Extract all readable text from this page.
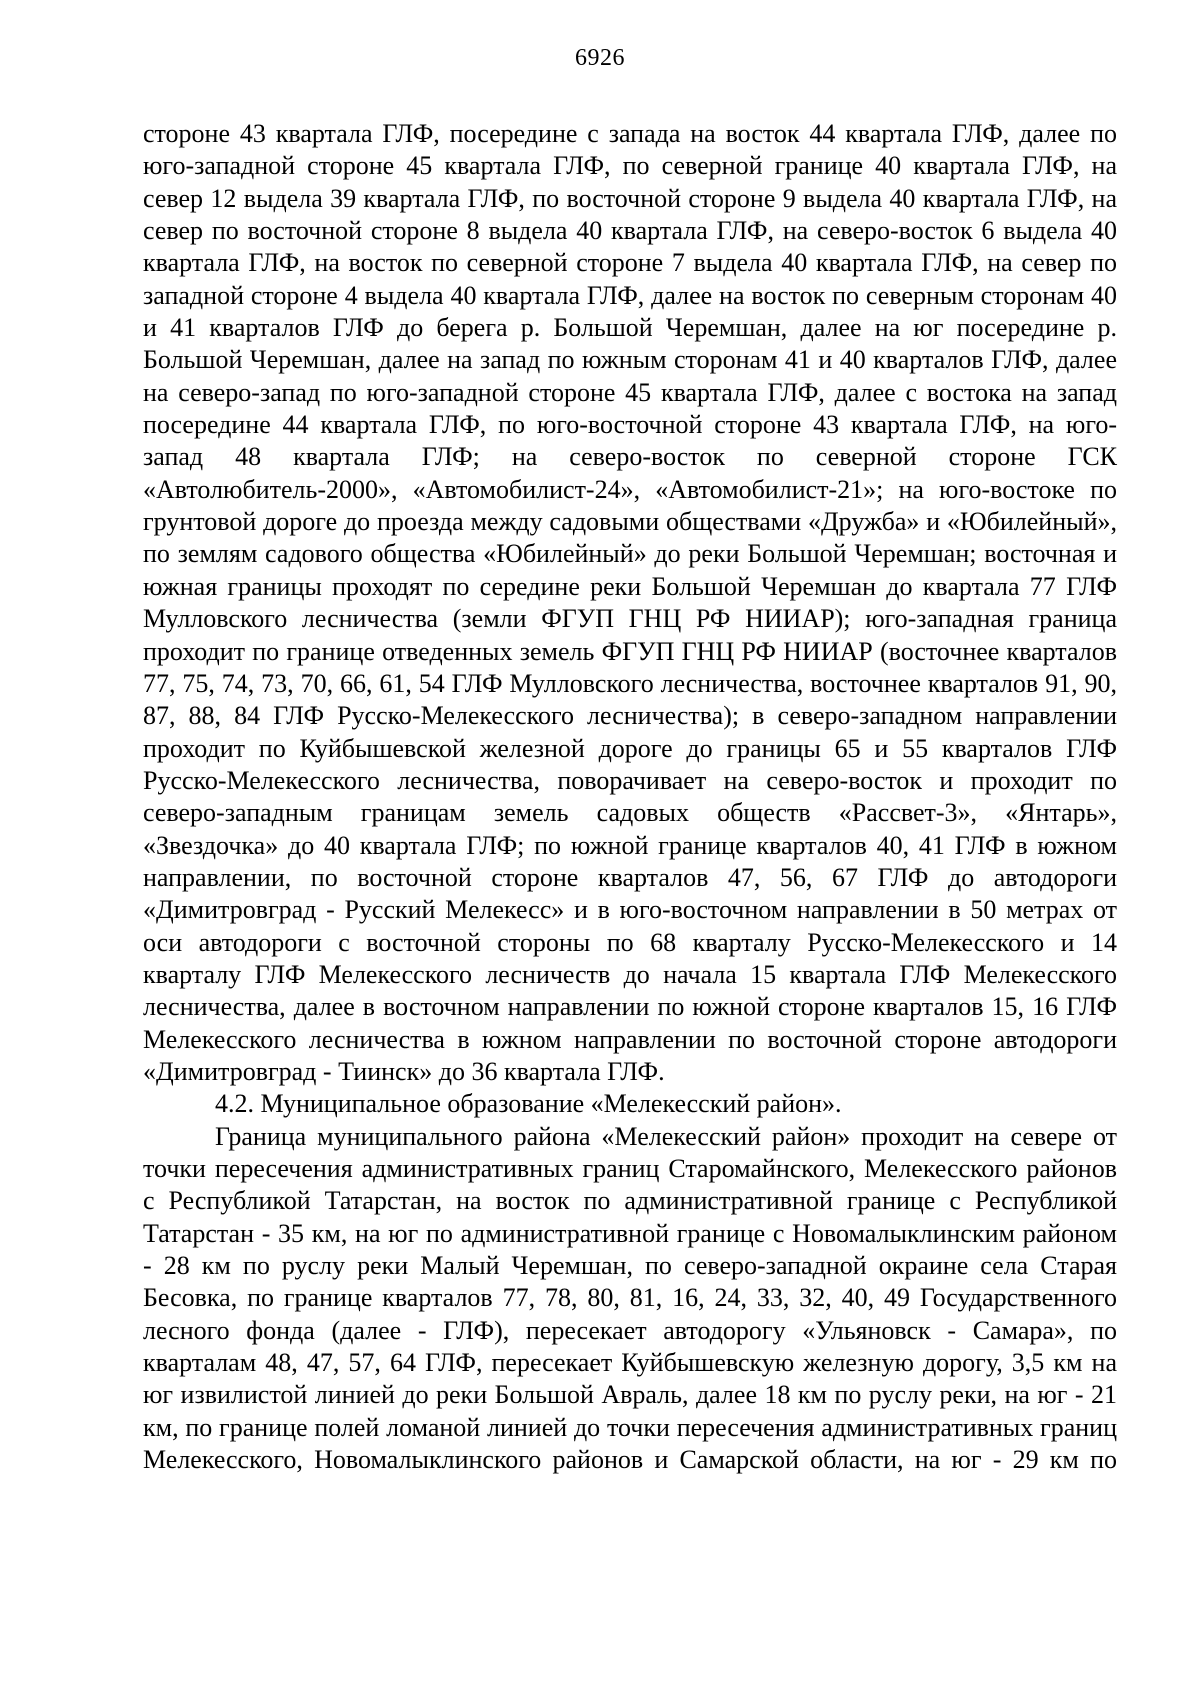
6926

стороне 43 квартала ГЛФ, посередине с запада на восток 44 квартала ГЛФ, далее по юго-западной стороне 45 квартала ГЛФ, по северной границе 40 квартала ГЛФ, на север 12 выдела 39 квартала ГЛФ, по восточной стороне 9 выдела 40 квартала ГЛФ, на север по восточной стороне 8 выдела 40 квартала ГЛФ, на северо-восток 6 выдела 40 квартала ГЛФ, на восток по северной стороне 7 выдела 40 квартала ГЛФ, на север по западной стороне 4 выдела 40 квартала ГЛФ, далее на восток по северным сторонам 40 и 41 кварталов ГЛФ до берега р. Большой Черемшан, далее на юг посередине р. Большой Черемшан, далее на запад по южным сторонам 41 и 40 кварталов ГЛФ, далее на северо-запад по юго-западной стороне 45 квартала ГЛФ, далее с востока на запад посередине 44 квартала ГЛФ, по юго-восточной стороне 43 квартала ГЛФ, на юго-запад 48 квартала ГЛФ; на северо-восток по северной стороне ГСК «Автолюбитель-2000», «Автомобилист-24», «Автомобилист-21»; на юго-востоке по грунтовой дороге до проезда между садовыми обществами «Дружба» и «Юбилейный», по землям садового общества «Юбилейный» до реки Большой Черемшан; восточная и южная границы проходят по середине реки Большой Черемшан до квартала 77 ГЛФ Мулловского лесничества (земли ФГУП ГНЦ РФ НИИАР); юго-западная граница проходит по границе отведенных земель ФГУП ГНЦ РФ НИИАР (восточнее кварталов 77, 75, 74, 73, 70, 66, 61, 54 ГЛФ Мулловского лесничества, восточнее кварталов 91, 90, 87, 88, 84 ГЛФ Русско-Мелекесского лесничества); в северо-западном направлении проходит по Куйбышевской железной дороге до границы 65 и 55 кварталов ГЛФ Русско-Мелекесского лесничества, поворачивает на северо-восток и проходит по северо-западным границам земель садовых обществ «Рассвет-3», «Янтарь», «Звездочка» до 40 квартала ГЛФ; по южной границе кварталов 40, 41 ГЛФ в южном направлении, по восточной стороне кварталов 47, 56, 67 ГЛФ до автодороги «Димитровград - Русский Мелекесс» и в юго-восточном направлении в 50 метрах от оси автодороги с восточной стороны по 68 кварталу Русско-Мелекесского и 14 кварталу ГЛФ Мелекесского лесничеств до начала 15 квартала ГЛФ Мелекесского лесничества, далее в восточном направлении по южной стороне кварталов 15, 16 ГЛФ Мелекесского лесничества в южном направлении по восточной стороне автодороги «Димитровград - Тиинск» до 36 квартала ГЛФ.

4.2. Муниципальное образование «Мелекесский район».

Граница муниципального района «Мелекесский район» проходит на севере от точки пересечения административных границ Старомайнского, Мелекесского районов с Республикой Татарстан, на восток по административной границе с Республикой Татарстан - 35 км, на юг по административной границе с Новомалыклинским районом - 28 км по руслу реки Малый Черемшан, по северо-западной окраине села Старая Бесовка, по границе кварталов 77, 78, 80, 81, 16, 24, 33, 32, 40, 49 Государственного лесного фонда (далее - ГЛФ), пересекает автодорогу «Ульяновск - Самара», по кварталам 48, 47, 57, 64 ГЛФ, пересекает Куйбышевскую железную дорогу, 3,5 км на юг извилистой линией до реки Большой Авраль, далее 18 км по руслу реки, на юг - 21 км, по границе полей ломаной линией до точки пересечения административных границ Мелекесского, Новомалыклинского районов и Самарской области, на юг - 29 км по
